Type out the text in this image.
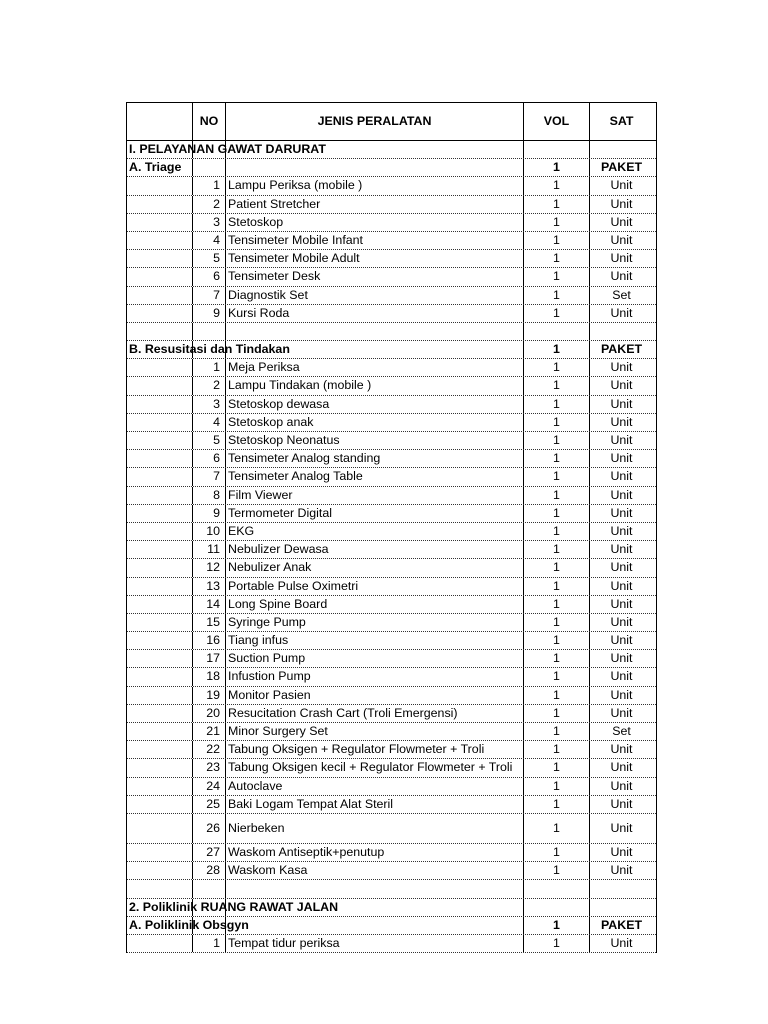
NO	JENIS PERALATAN	VOL	SAT
I. PELAYANAN GAWAT DARURAT
A. Triage	1	PAKET
1 Lampu Periksa (mobile )	1	Unit
2 Patient Stretcher	1	Unit
3 Stetoskop	1	Unit
4 Tensimeter Mobile Infant	1	Unit
5 Tensimeter Mobile Adult	1	Unit
6 Tensimeter Desk	1	Unit
7 Diagnostik Set	1	Set
9 Kursi Roda	1	Unit
B. Resusitasi dan Tindakan	1	PAKET
1 Meja Periksa	1	Unit
2 Lampu Tindakan (mobile )	1	Unit
3 Stetoskop dewasa	1	Unit
4 Stetoskop anak	1	Unit
5 Stetoskop Neonatus	1	Unit
6 Tensimeter Analog standing	1	Unit
7 Tensimeter Analog Table	1	Unit
8 Film Viewer	1	Unit
9 Termometer Digital	1	Unit
10 EKG	1	Unit
11 Nebulizer Dewasa	1	Unit
12 Nebulizer Anak	1	Unit
13 Portable Pulse Oximetri	1	Unit
14 Long Spine Board	1	Unit
15 Syringe Pump	1	Unit
16 Tiang infus	1	Unit
17 Suction Pump	1	Unit
18 Infustion Pump	1	Unit
19 Monitor Pasien	1	Unit
20 Resucitation Crash Cart (Troli Emergensi)	1	Unit
21 Minor Surgery Set	1	Set
22 Tabung Oksigen + Regulator Flowmeter + Troli	1	Unit
23 Tabung Oksigen kecil + Regulator Flowmeter + Troli	1	Unit
24 Autoclave	1	Unit
25 Baki Logam Tempat Alat Steril	1	Unit
26 Nierbeken	1	Unit
27 Waskom Antiseptik+penutup	1	Unit
28 Waskom Kasa	1	Unit
2. Poliklinik RUANG RAWAT JALAN
A. Poliklinik Obsgyn	1	PAKET
1 Tempat tidur periksa	1	Unit
